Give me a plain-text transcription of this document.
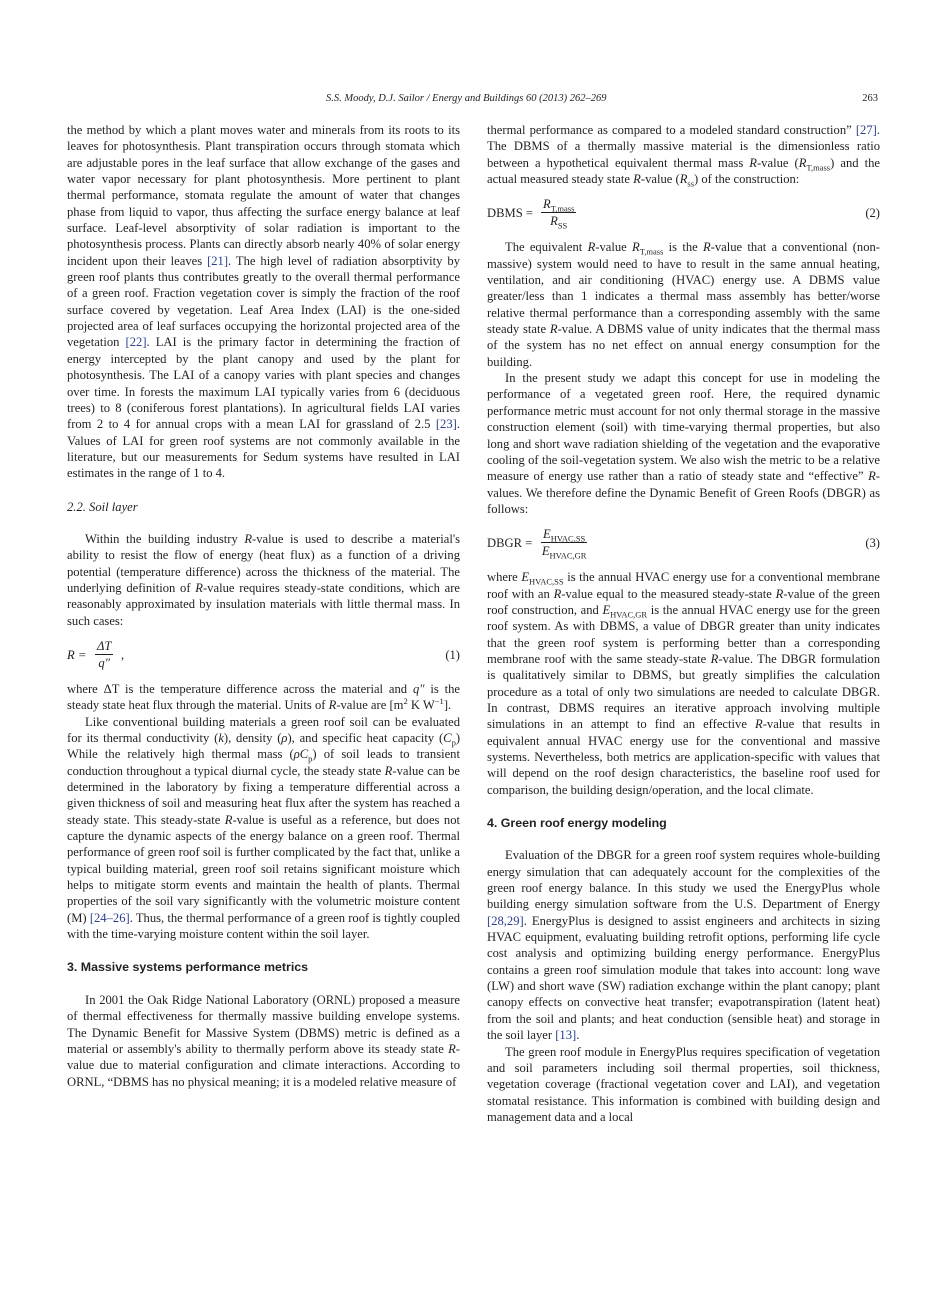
S.S. Moody, D.J. Sailor / Energy and Buildings 60 (2013) 262–269	263
the method by which a plant moves water and minerals from its roots to its leaves for photosynthesis. Plant transpiration occurs through stomata which are adjustable pores in the leaf surface that allow exchange of the gases and water vapor necessary for plant photosynthesis. More pertinent to plant thermal performance, stomata regulate the amount of water that changes phase from liquid to vapor, thus affecting the surface energy balance at leaf surface. Leaf-level absorptivity of solar radiation is important to the photosynthesis process. Plants can directly absorb nearly 40% of solar energy incident upon their leaves [21]. The high level of radiation absorptivity by green roof plants thus contributes greatly to the overall thermal performance of a green roof. Fraction vegetation cover is simply the fraction of the roof surface covered by vegetation. Leaf Area Index (LAI) is the one-sided projected area of leaf surfaces occupying the horizontal projected area of the vegetation [22]. LAI is the primary factor in determining the fraction of energy intercepted by the plant canopy and used by the plant for photosynthesis. The LAI of a canopy varies with plant species and changes over time. In forests the maximum LAI typically varies from 6 (deciduous trees) to 8 (coniferous forest plantations). In agricultural fields LAI varies from 2 to 4 for annual crops with a mean LAI for grassland of 2.5 [23]. Values of LAI for green roof systems are not commonly available in the literature, but our measurements for Sedum systems have resulted in LAI estimates in the range of 1 to 4.
2.2. Soil layer
Within the building industry R-value is used to describe a material's ability to resist the flow of energy (heat flux) as a function of a driving potential (temperature difference) across the thickness of the material. The underlying definition of R-value requires steady-state conditions, which are reasonably approximated by insulation materials with little thermal mass. In such cases:
$R = \frac{\Delta T}{q''}$ ,	(1)
where ΔT is the temperature difference across the material and q″ is the steady state heat flux through the material. Units of R-value are [$m^2$ K $W^{-1}$].
Like conventional building materials a green roof soil can be evaluated for its thermal conductivity (k), density (ρ), and specific heat capacity $(C_p)$ While the relatively high thermal mass $(\rho C_p)$ of soil leads to transient conduction throughout a typical diurnal cycle, the steady state R-value can be determined in the laboratory by fixing a temperature differential across a given thickness of soil and measuring heat flux after the system has reached a steady state. This steady-state R-value is useful as a reference, but does not capture the dynamic aspects of the energy balance on a green roof. Thermal performance of green roof soil is further complicated by the fact that, unlike a typical building material, green roof soil retains significant moisture which helps to mitigate storm events and maintain the health of plants. Thermal properties of the soil vary significantly with the volumetric moisture content (M) [24–26]. Thus, the thermal performance of a green roof is tightly coupled with the time-varying moisture content within the soil layer.
3. Massive systems performance metrics
In 2001 the Oak Ridge National Laboratory (ORNL) proposed a measure of thermal effectiveness for thermally massive building envelope systems. The Dynamic Benefit for Massive System (DBMS) metric is defined as a material or assembly's ability to thermally perform above its steady state R-value due to material configuration and climate interactions. According to ORNL, “DBMS has no physical meaning; it is a modeled relative measure of
thermal performance as compared to a modeled standard construction” [27]. The DBMS of a thermally massive material is the dimensionless ratio between a hypothetical equivalent thermal mass R-value $(R_{T,mass})$ and the actual measured steady state R-value $(R_{ss})$ of the construction:
DBMS =
$R_{T,mass}$
$R_{SS}$
(2)
The equivalent R-value $R_{T,mass}$ is the R-value that a conventional (non-massive) system would need to have to result in the same annual heating, ventilation, and air conditioning (HVAC) energy use. A DBMS value greater/less than 1 indicates a thermal mass assembly has better/worse relative thermal performance than a corresponding assembly with the same steady state R-value. A DBMS value of unity indicates that the thermal mass of the system has no net effect on annual energy consumption for the building.
In the present study we adapt this concept for use in modeling the performance of a vegetated green roof. Here, the required dynamic performance metric must account for not only thermal storage in the massive construction element (soil) with time-varying thermal properties, but also long and short wave radiation shielding of the vegetation and the evaporative cooling of the soil-vegetation system. We also wish the metric to be a relative measure of energy use rather than a ratio of steady state and “effective” R-values. We therefore define the Dynamic Benefit of Green Roofs (DBGR) as follows:
DBGR =
$E_{HVAC,SS}$
$E_{HVAC,GR}$
(3)
where $E_{HVAC,SS}$ is the annual HVAC energy use for a conventional membrane roof with an R-value equal to the measured steady-state R-value of the green roof construction, and $E_{HVAC,GR}$ is the annual HVAC energy use for the green roof system. As with DBMS, a value of DBGR greater than unity indicates that the green roof system is performing better than a corresponding membrane roof with the same steady-state R-value. The DBGR formulation is qualitatively similar to DBMS, but greatly simplifies the calculation procedure as a total of only two simulations are needed to calculate DBGR. In contrast, DBMS requires an iterative approach involving multiple simulations in an attempt to find an effective R-value that results in equivalent annual HVAC energy use for the conventional and massive systems. Nevertheless, both metrics are application-specific with values that will depend on the roof design characteristics, the baseline roof used for comparison, the building design/operation, and the local climate.
4. Green roof energy modeling
Evaluation of the DBGR for a green roof system requires whole-building energy simulation that can adequately account for the complexities of the green roof energy balance. In this study we used the EnergyPlus whole building energy simulation software from the U.S. Department of Energy [28,29]. EnergyPlus is designed to assist engineers and architects in sizing HVAC equipment, evaluating building retrofit options, performing life cycle cost analysis and optimizing building energy performance. EnergyPlus contains a green roof simulation module that takes into account: long wave (LW) and short wave (SW) radiation exchange within the plant canopy; plant canopy effects on convective heat transfer; evapotranspiration (latent heat) from the soil and plants; and heat conduction (sensible heat) and storage in the soil layer [13].
The green roof module in EnergyPlus requires specification of vegetation and soil parameters including soil thermal properties, soil thickness, vegetation coverage (fractional vegetation cover and LAI), and vegetation stomatal resistance. This information is combined with building design and management data and a local
